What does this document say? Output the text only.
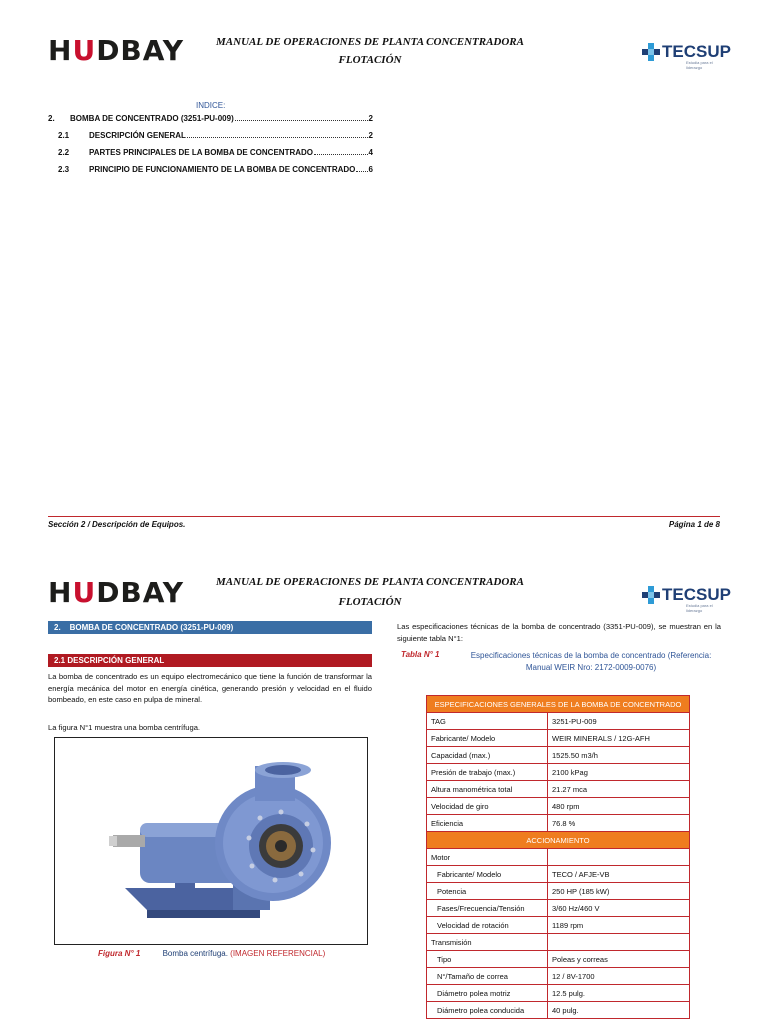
HUDBAY	MANUAL DE OPERACIONES DE PLANTA CONCENTRADORA
FLOTACIÓN	TECSUP
Estudia para el liderazgo
INDICE:
2.	BOMBA DE CONCENTRADO (3251-PU-009)	2
2.1	DESCRIPCIÓN GENERAL	2
2.2	PARTES PRINCIPALES DE LA BOMBA DE CONCENTRADO	4
2.3	PRINCIPIO DE FUNCIONAMIENTO DE LA BOMBA DE CONCENTRADO 6
Sección 2 / Descripción de Equipos.	Página 1 de 8
HUDBAY	MANUAL DE OPERACIONES DE PLANTA CONCENTRADORA
FLOTACIÓN	TECSUP
Estudia para el liderazgo
2.    BOMBA DE CONCENTRADO (3251-PU-009)
2.1 DESCRIPCIÓN GENERAL
La bomba de concentrado es un equipo electromecánico que tiene la función de transformar la energía mecánica del motor en energía cinética, generando presión y velocidad en el fluido bombeado, en este caso en pulpa de mineral.
La figura N°1 muestra una bomba centrífuga.
Figura N° 1	Bomba centrífuga. (IMAGEN REFERENCIAL)
Las especificaciones técnicas de la bomba de concentrado (3351-PU-009), se muestran en la siguiente tabla N°1:
Tabla N° 1	Especificaciones técnicas de la bomba de concentrado (Referencia: Manual WEIR Nro: 2172-0009-0076)
ESPECIFICACIONES GENERALES DE LA BOMBA DE CONCENTRADO	
TAG	3251-PU-009
Fabricante/ Modelo	WEIR MINERALS / 12G-AFH
Capacidad (max.)	1525.50 m3/h
Presión de trabajo (max.)	2100 kPag
Altura manométrica total	21.27 mca
Velocidad de giro	480 rpm
Eficiencia	76.8 %
ACCIONAMIENTO	
Motor	
Fabricante/ Modelo	TECO / AFJE-VB
Potencia	250 HP (185 kW)
Fases/Frecuencia/Tensión	3/60 Hz/460 V
Velocidad de rotación	1189 rpm
Transmisión	
Tipo	Poleas y correas
N°/Tamaño de correa	12 / 8V-1700
Diámetro polea motriz	12.5 pulg.
Diámetro polea conducida	40 pulg.
